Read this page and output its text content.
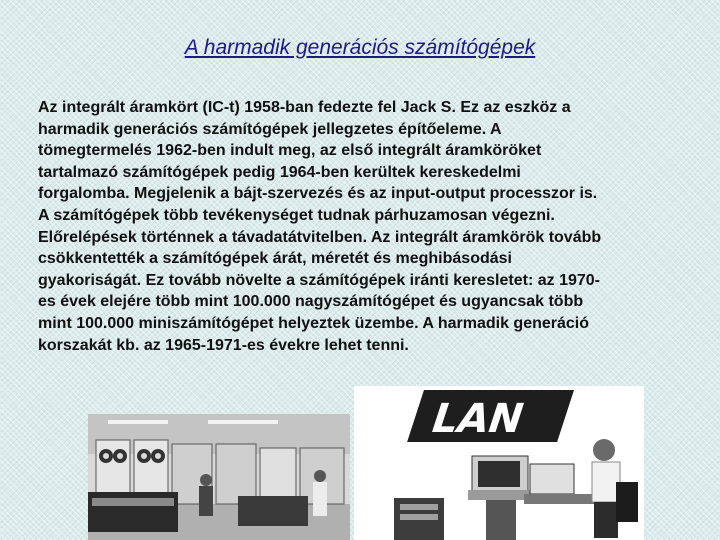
A harmadik generációs számítógépek
Az integrált áramkört (IC-t) 1958-ban fedezte fel Jack S. Ez az eszköz a harmadik generációs számítógépek jellegzetes építőeleme. A tömegtermelés 1962-ben indult meg, az első integrált áramköröket tartalmazó számítógépek pedig 1964-ben kerültek kereskedelmi forgalomba. Megjelenik a bájt-szervezés és az input-output processzor is. A számítógépek több tevékenységet tudnak párhuzamosan végezni. Előrelépések történnek a távadatátvitelben. Az integrált áramkörök tovább csökkentették a számítógépek árát, méretét és meghibásodási gyakoriságát. Ez tovább növelte a számítógépek iránti keresletet: az 1970-es évek elejére több mint 100.000 nagyszámítógépet és ugyancsak több mint 100.000 miniszámítógépet helyeztek üzembe. A harmadik generáció korszakát kb. az 1965-1971-es évekre lehet tenni.
LAN
